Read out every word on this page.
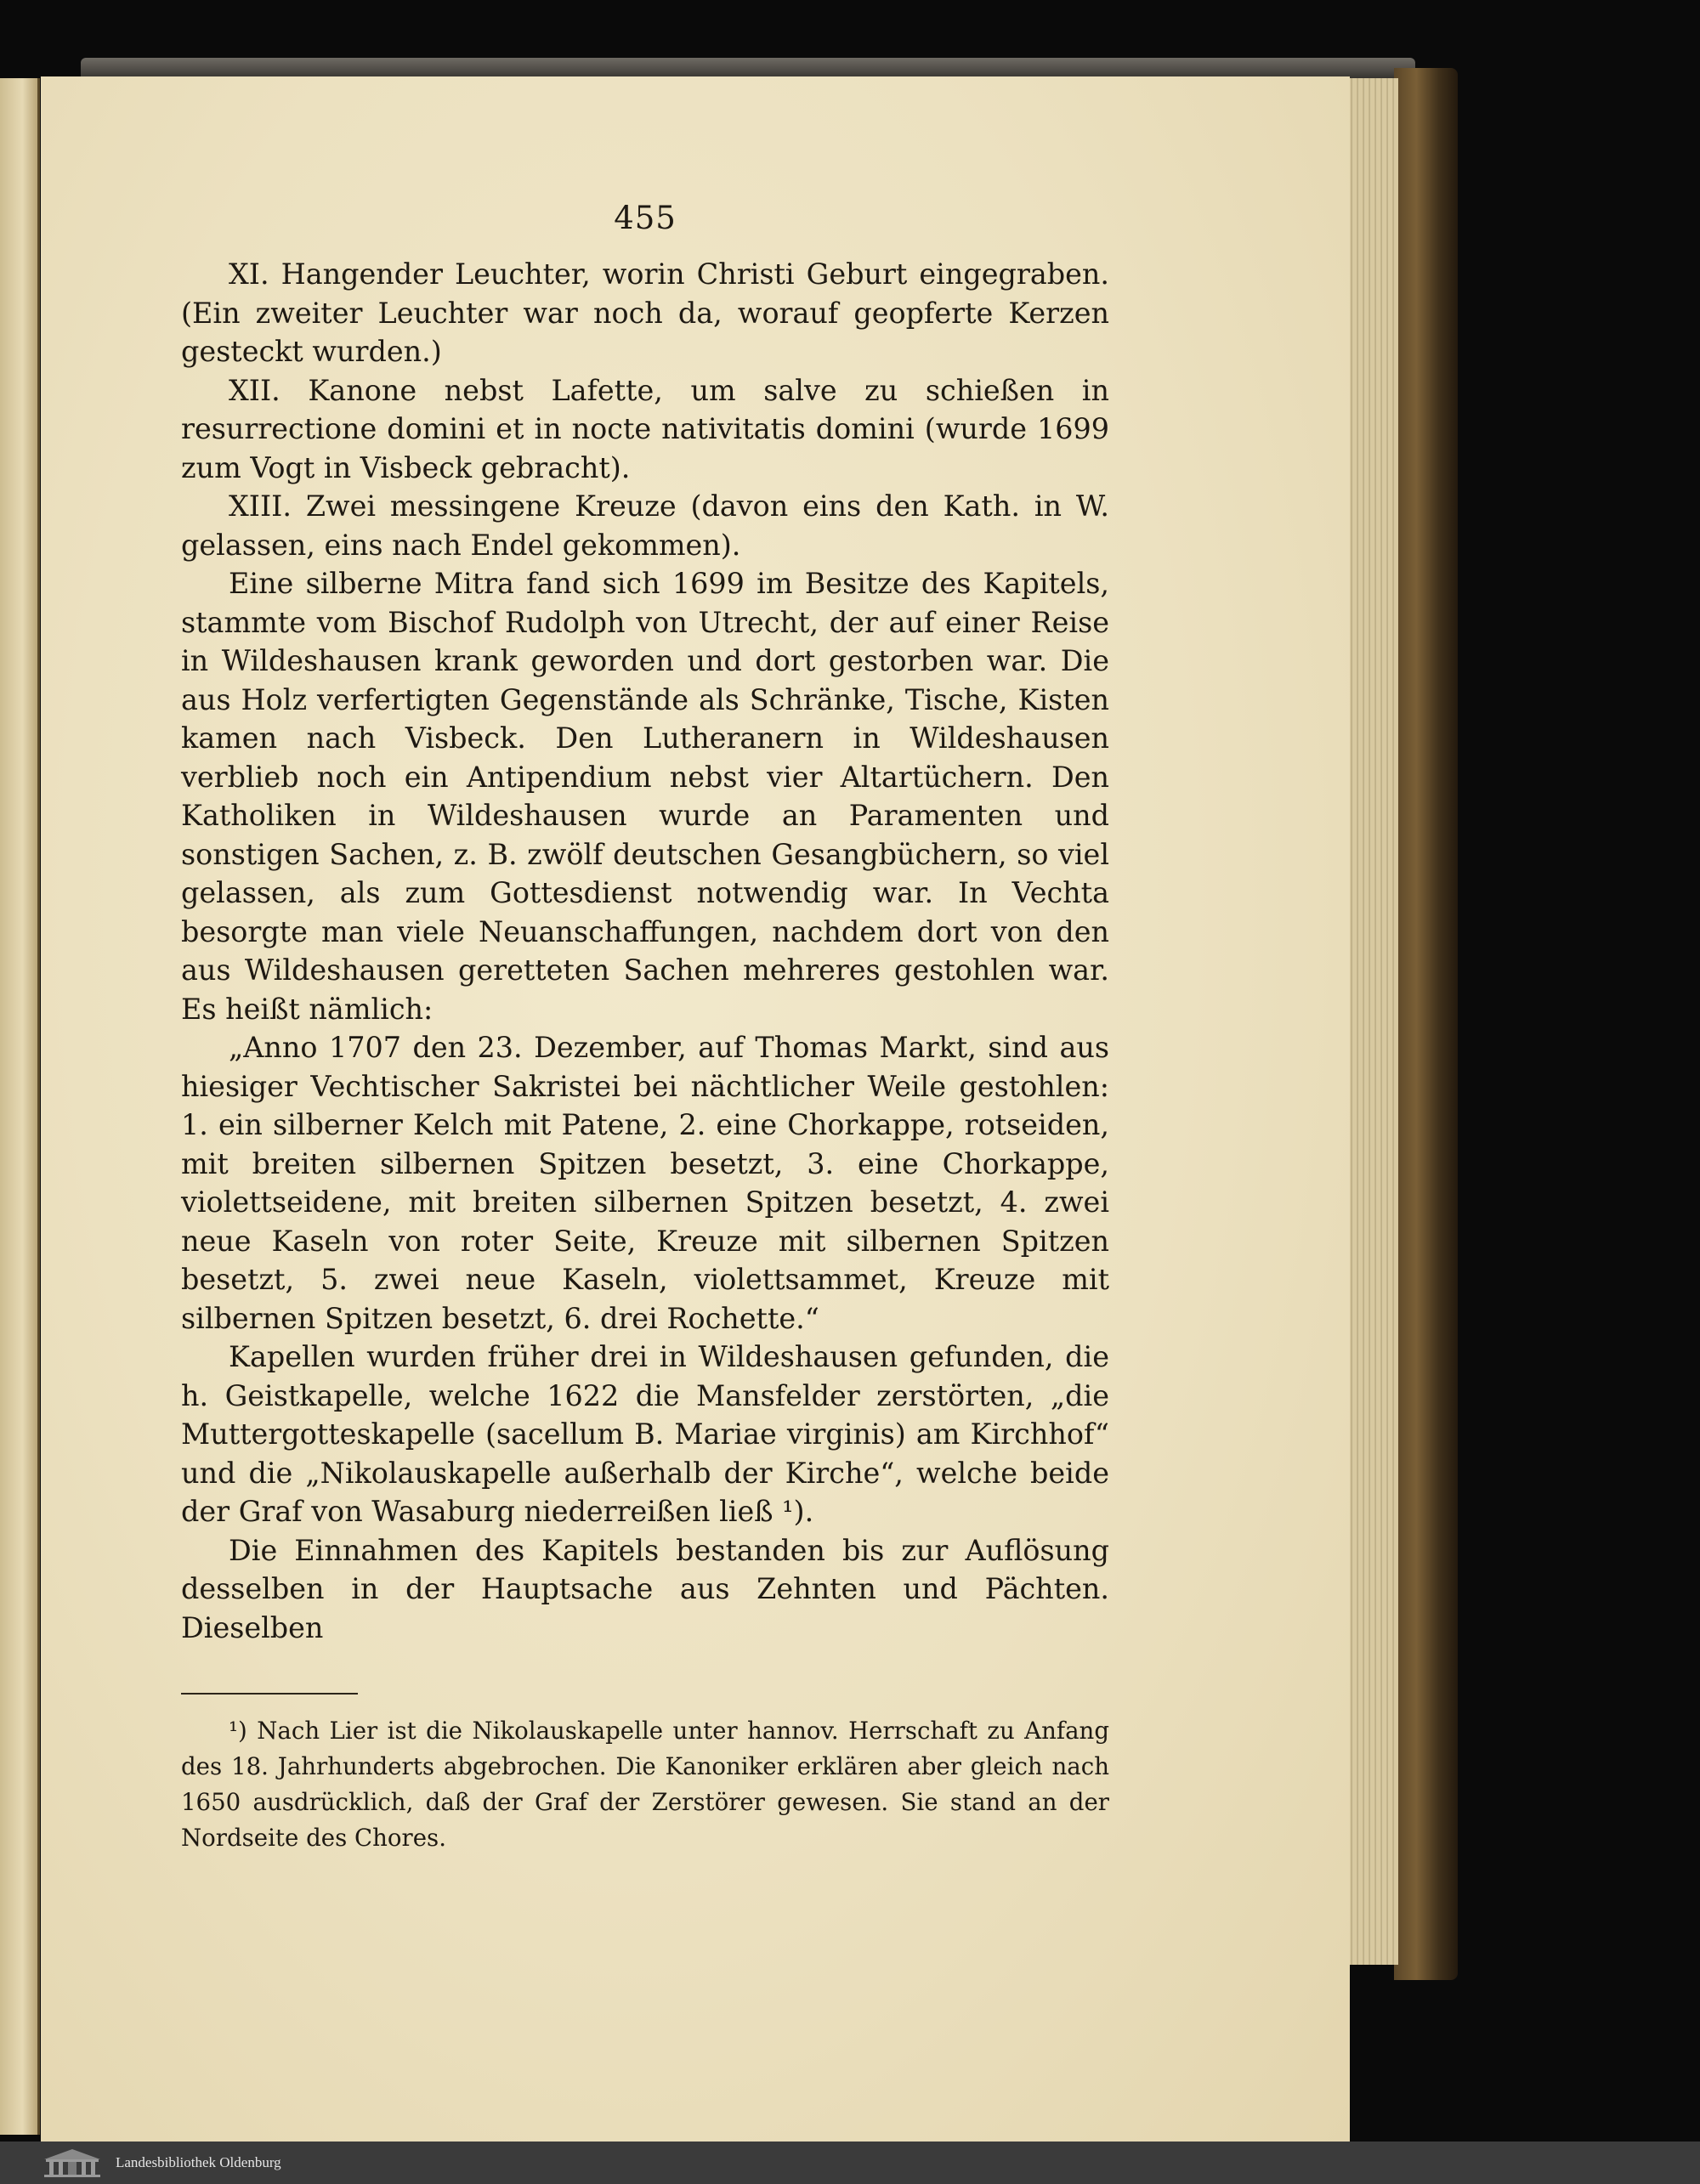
455

XI. Hangender Leuchter, worin Christi Geburt eingegraben. (Ein zweiter Leuchter war noch da, worauf geopferte Kerzen gesteckt wurden.)

XII. Kanone nebst Lafette, um salve zu schießen in resurrectione domini et in nocte nativitatis domini (wurde 1699 zum Vogt in Visbeck gebracht).

XIII. Zwei messingene Kreuze (davon eins den Kath. in W. gelassen, eins nach Endel gekommen).

Eine silberne Mitra fand sich 1699 im Besitze des Kapitels, stammte vom Bischof Rudolph von Utrecht, der auf einer Reise in Wildeshausen krank geworden und dort gestorben war. Die aus Holz verfertigten Gegenstände als Schränke, Tische, Kisten kamen nach Visbeck. Den Lutheranern in Wildeshausen verblieb noch ein Antipendium nebst vier Altartüchern. Den Katholiken in Wildeshausen wurde an Paramenten und sonstigen Sachen, z. B. zwölf deutschen Gesangbüchern, so viel gelassen, als zum Gottesdienst notwendig war. In Vechta besorgte man viele Neuanschaffungen, nachdem dort von den aus Wildeshausen geretteten Sachen mehreres gestohlen war. Es heißt nämlich:

„Anno 1707 den 23. Dezember, auf Thomas Markt, sind aus hiesiger Vechtischer Sakristei bei nächtlicher Weile gestohlen: 1. ein silberner Kelch mit Patene, 2. eine Chorkappe, rotseiden, mit breiten silbernen Spitzen besetzt, 3. eine Chorkappe, violettseidene, mit breiten silbernen Spitzen besetzt, 4. zwei neue Kaseln von roter Seite, Kreuze mit silbernen Spitzen besetzt, 5. zwei neue Kaseln, violettsammet, Kreuze mit silbernen Spitzen besetzt, 6. drei Rochette.“

Kapellen wurden früher drei in Wildeshausen gefunden, die h. Geistkapelle, welche 1622 die Mansfelder zerstörten, „die Muttergotteskapelle (sacellum B. Mariae virginis) am Kirchhof“ und die „Nikolauskapelle außerhalb der Kirche“, welche beide der Graf von Wasaburg niederreißen ließ ¹).

Die Einnahmen des Kapitels bestanden bis zur Auflösung desselben in der Hauptsache aus Zehnten und Pächten. Dieselben

¹) Nach Lier ist die Nikolauskapelle unter hannov. Herrschaft zu Anfang des 18. Jahrhunderts abgebrochen. Die Kanoniker erklären aber gleich nach 1650 ausdrücklich, daß der Graf der Zerstörer gewesen. Sie stand an der Nordseite des Chores.

Landesbibliothek Oldenburg
